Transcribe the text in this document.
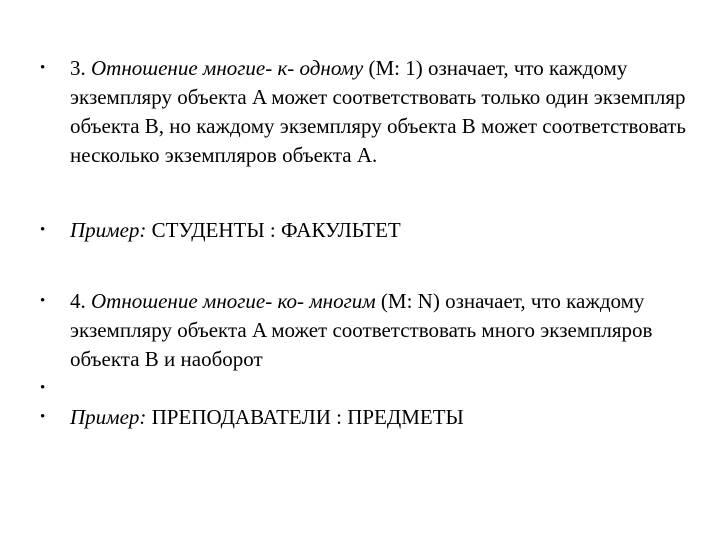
• 3. Отношение многие- к- одному (M: 1) означает, что каждому экземпляру объекта A может соответствовать только один экземпляр объекта B, но каждому экземпляру объекта B может соответствовать несколько экземпляров объекта A.
• Пример: СТУДЕНТЫ : ФАКУЛЬТЕТ
• 4. Отношение многие- ко- многим (M: N) означает, что каждому экземпляру объекта A может соответствовать много экземпляров объекта B и наоборот
•
• Пример: ПРЕПОДАВАТЕЛИ : ПРЕДМЕТЫ
